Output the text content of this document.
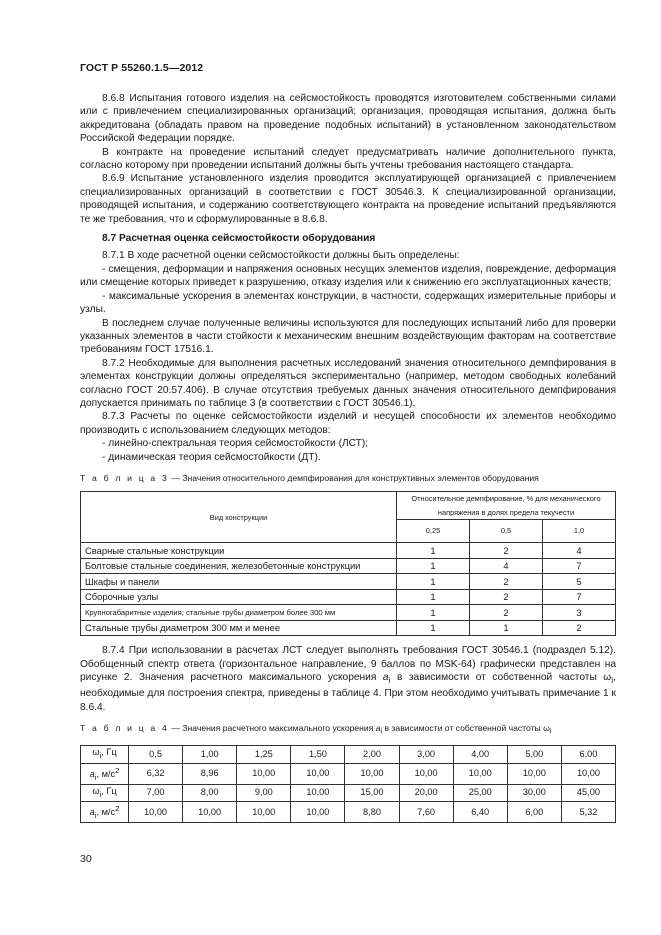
ГОСТ Р 55260.1.5—2012

8.6.8 Испытания готового изделия на сейсмостойкость проводятся изготовителем собственными силами или с привлечением специализированных организаций; организация, проводящая испытания, должна быть аккредитована (обладать правом на проведение подобных испытаний) в установленном законодательством Российской Федерации порядке.

В контракте на проведение испытаний следует предусматривать наличие дополнительного пункта, согласно которому при проведении испытаний должны быть учтены требования настоящего стандарта.

8.6.9 Испытание установленного изделия проводится эксплуатирующей организацией с привлечением специализированных организаций в соответствии с ГОСТ 30546.3. К специализированной организации, проводящей испытания, и содержанию соответствующего контракта на проведение испытаний предъявляются те же требования, что и сформулированные в 8.6.8.

8.7 Расчетная оценка сейсмостойкости оборудования

8.7.1 В ходе расчетной оценки сейсмостойкости должны быть определены:

- смещения, деформации и напряжения основных несущих элементов изделия, повреждение, деформация или смещение которых приведет к разрушению, отказу изделия или к снижению его эксплуатационных качеств;

- максимальные ускорения в элементах конструкции, в частности, содержащих измерительные приборы и узлы.

В последнем случае полученные величины используются для последующих испытаний либо для проверки указанных элементов в части стойкости к механическим внешним воздействующим факторам на соответствие требованиям ГОСТ 17516.1.

8.7.2 Необходимые для выполнения расчетных исследований значения относительного демпфирования в элементах конструкции должны определяться экспериментально (например, методом свободных колебаний согласно ГОСТ 20.57.406). В случае отсутствия требуемых данных значения относительного демпфирования допускается принимать по таблице 3 (в соответствии с ГОСТ 30546.1).

8.7.3 Расчеты по оценке сейсмостойкости изделий и несущей способности их элементов необходимо производить с использованием следующих методов:

- линейно-спектральная теория сейсмостойкости (ЛСТ);

- динамическая теория сейсмостойкости (ДТ).

Т а б л и ц а 3 — Значения относительного демпфирования для конструктивных элементов оборудования

Вид конструкции	Относительное демпфирование, % для механического напряжения в долях предела текучести		
	0,25	0,5	1,0
Сварные стальные конструкции	1	2	4
Болтовые стальные соединения, железобетонные конструкции	1	4	7
Шкафы и панели	1	2	5
Сборочные узлы	1	2	7
Крупногабаритные изделия; стальные трубы диаметром более 300 мм	1	2	3
Стальные трубы диаметром 300 мм и менее	1	1	2

8.7.4 При использовании в расчетах ЛСТ следует выполнять требования ГОСТ 30546.1 (подраздел 5.12). Обобщенный спектр ответа (горизонтальное направление, 9 баллов по MSK-64) графически представлен на рисунке 2. Значения расчетного максимального ускорения $a_i$ в зависимости от собственной частоты $\omega_i$, необходимые для построения спектра, приведены в таблице 4. При этом необходимо учитывать примечание 1 к 8.6.4.

Т а б л и ц а 4 — Значения расчетного максимального ускорения $a_i$ в зависимости от собственной частоты $\omega_i$

$\omega_i$, Гц	0,5	1,00	1,25	1,50	2,00	3,00	4,00	5,00	6,00
$a_i$, $м/с^2$	6,32	8,96	10,00	10,00	10,00	10,00	10,00	10,00	10,00
$\omega_i$, Гц	7,00	8,00	9,00	10,00	15,00	20,00	25,00	30,00	45,00
$a_i$, $м/с^2$	10,00	10,00	10,00	10,00	8,80	7,60	6,40	6,00	5,32
30
